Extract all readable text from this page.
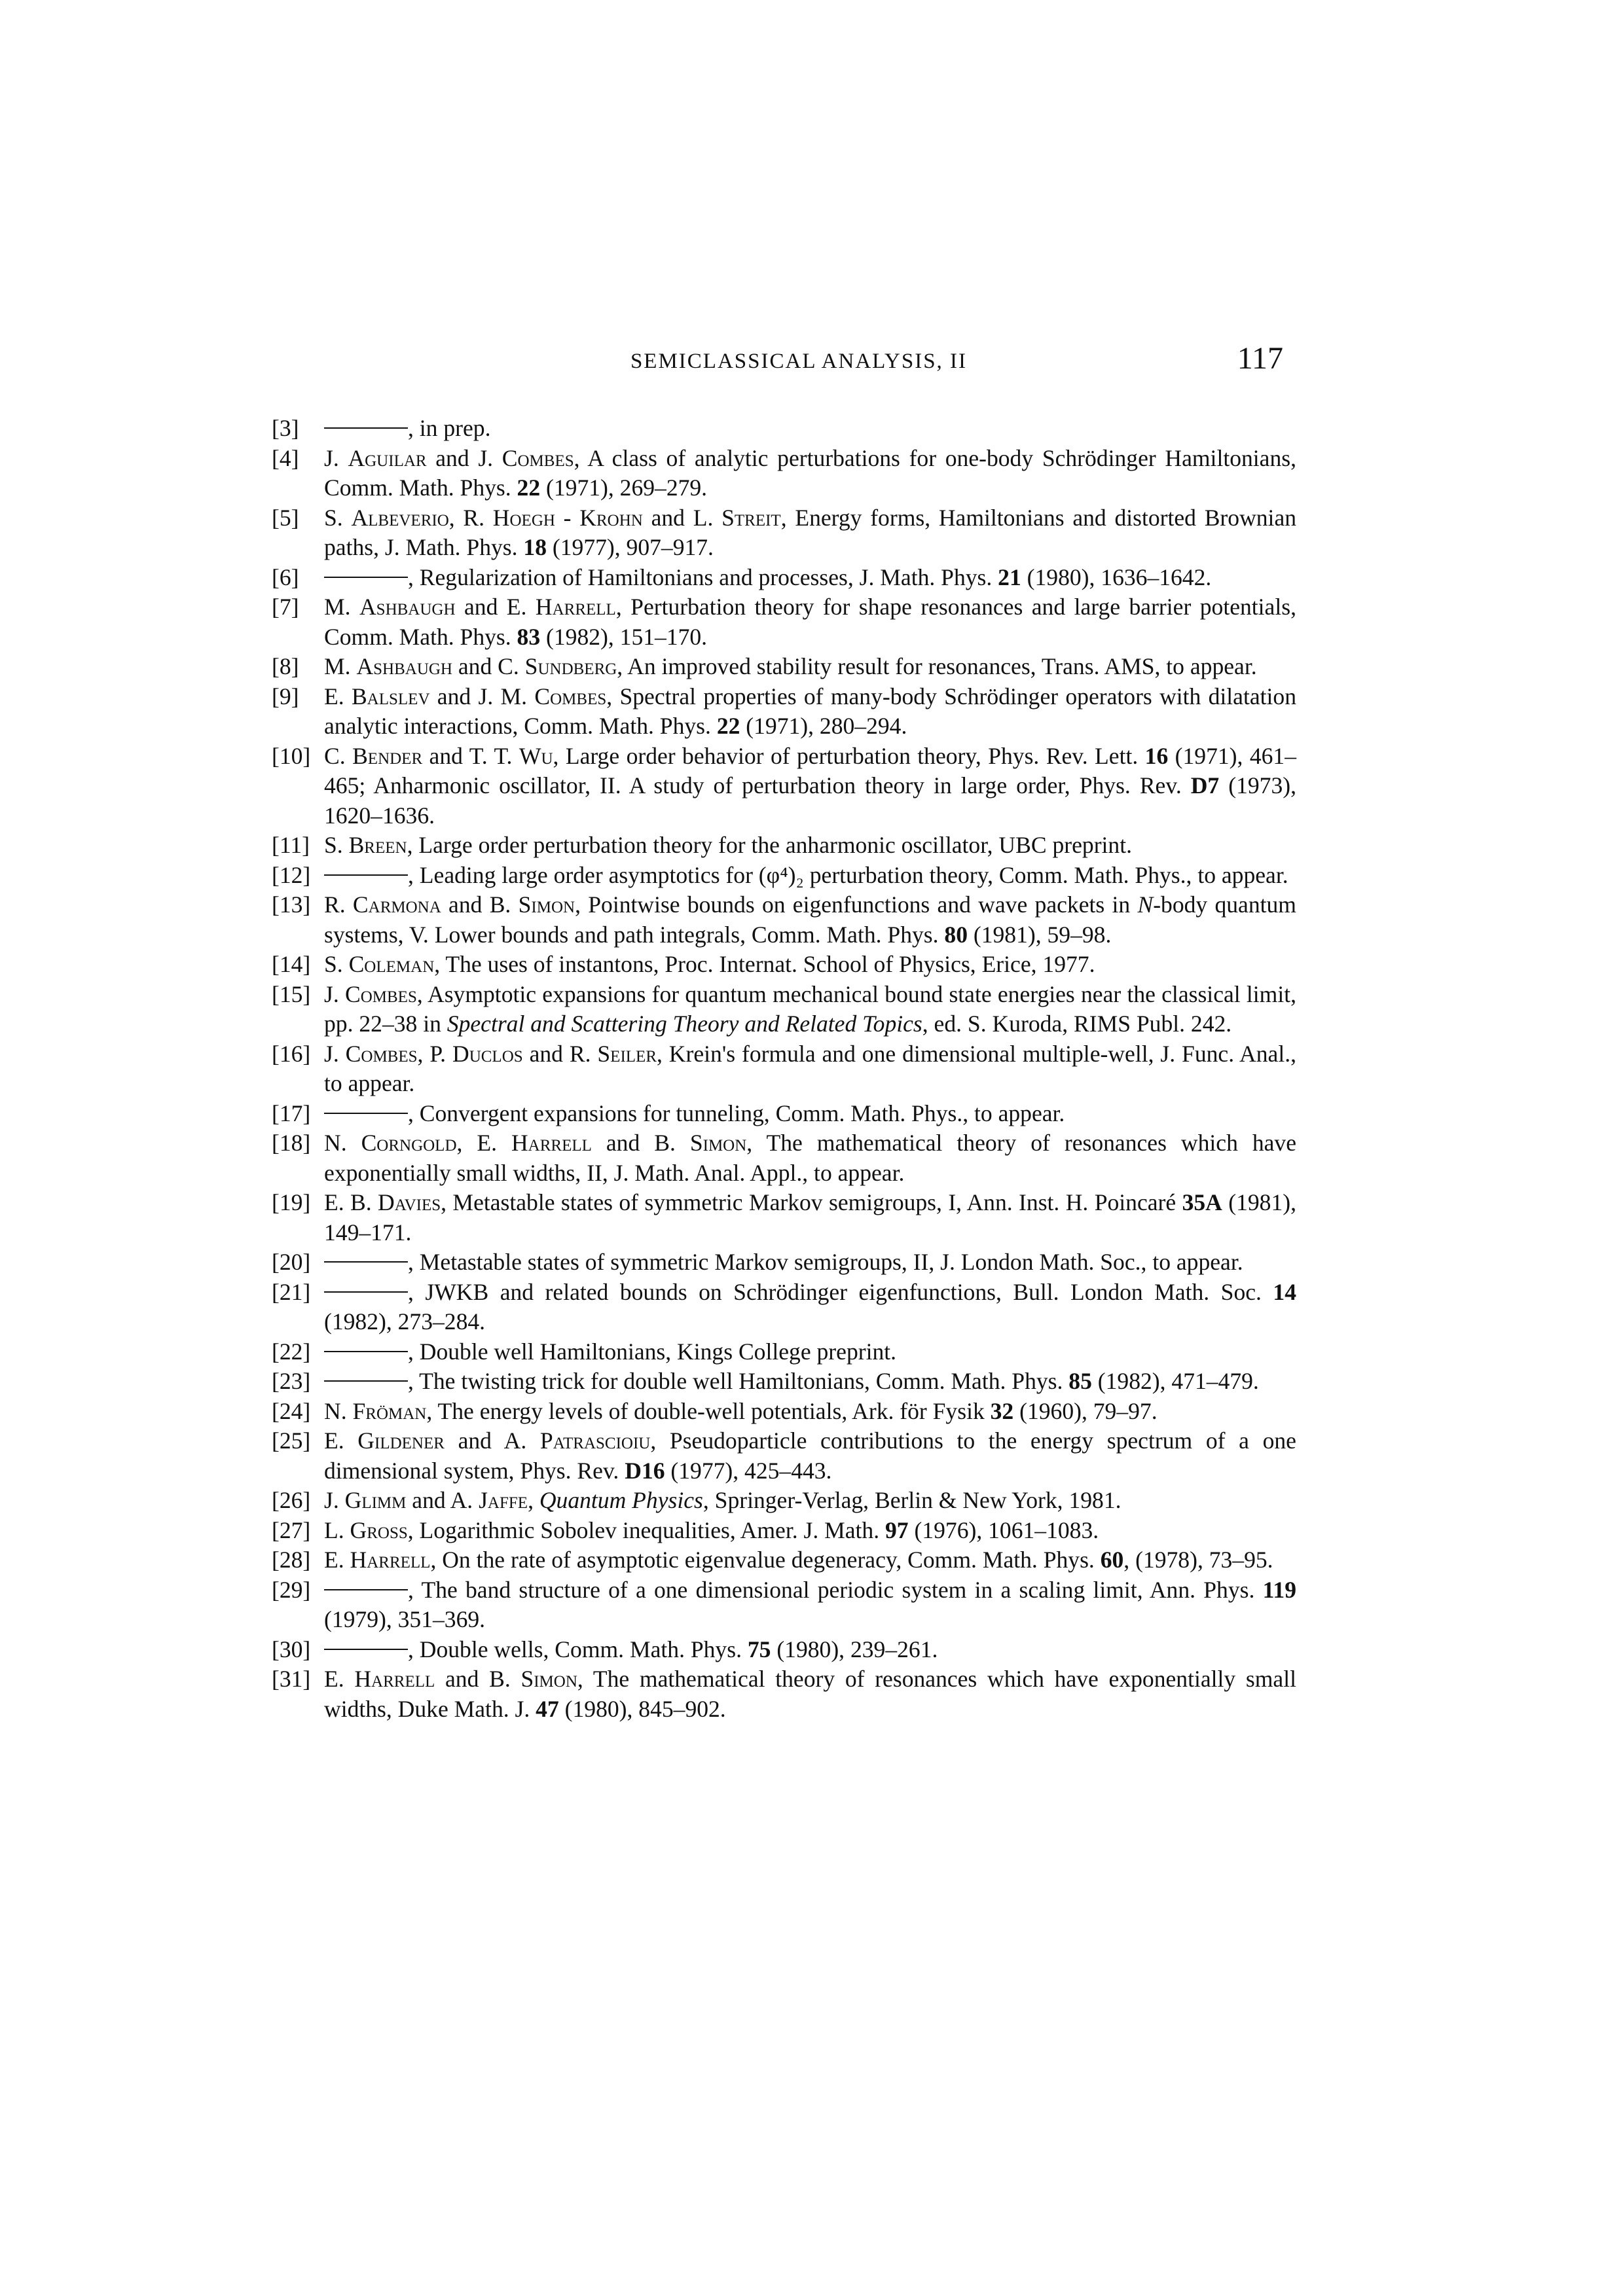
SEMICLASSICAL ANALYSIS, II	117
[3]	, in prep.
[4]	J. Aguilar and J. Combes, A class of analytic perturbations for one-body Schrödinger Hamiltonians, Comm. Math. Phys. 22 (1971), 269–279.
[5]	S. Albeverio, R. Hoegh - Krohn and L. Streit, Energy forms, Hamiltonians and distorted Brownian paths, J. Math. Phys. 18 (1977), 907–917.
[6]	, Regularization of Hamiltonians and processes, J. Math. Phys. 21 (1980), 1636–1642.
[7]	M. Ashbaugh and E. Harrell, Perturbation theory for shape resonances and large barrier potentials, Comm. Math. Phys. 83 (1982), 151–170.
[8]	M. Ashbaugh and C. Sundberg, An improved stability result for resonances, Trans. AMS, to appear.
[9]	E. Balslev and J. M. Combes, Spectral properties of many-body Schrödinger operators with dilatation analytic interactions, Comm. Math. Phys. 22 (1971), 280–294.
[10] C. Bender and T. T. Wu, Large order behavior of perturbation theory, Phys. Rev. Lett. 16 (1971), 461–465; Anharmonic oscillator, II. A study of perturbation theory in large order, Phys. Rev. D7 (1973), 1620–1636.
[11] S. Breen, Large order perturbation theory for the anharmonic oscillator, UBC preprint.
[12]	, Leading large order asymptotics for (φ⁴)₂ perturbation theory, Comm. Math. Phys., to appear.
[13] R. Carmona and B. Simon, Pointwise bounds on eigenfunctions and wave packets in N-body quantum systems, V. Lower bounds and path integrals, Comm. Math. Phys. 80 (1981), 59–98.
[14] S. Coleman, The uses of instantons, Proc. Internat. School of Physics, Erice, 1977.
[15] J. Combes, Asymptotic expansions for quantum mechanical bound state energies near the classical limit, pp. 22–38 in Spectral and Scattering Theory and Related Topics, ed. S. Kuroda, RIMS Publ. 242.
[16] J. Combes, P. Duclos and R. Seiler, Krein's formula and one dimensional multiple-well, J. Func. Anal., to appear.
[17]	, Convergent expansions for tunneling, Comm. Math. Phys., to appear.
[18] N. Corngold, E. Harrell and B. Simon, The mathematical theory of resonances which have exponentially small widths, II, J. Math. Anal. Appl., to appear.
[19] E. B. Davies, Metastable states of symmetric Markov semigroups, I, Ann. Inst. H. Poincaré 35A (1981), 149–171.
[20]	, Metastable states of symmetric Markov semigroups, II, J. London Math. Soc., to appear.
[21]	, JWKB and related bounds on Schrödinger eigenfunctions, Bull. London Math. Soc. 14 (1982), 273–284.
[22]	, Double well Hamiltonians, Kings College preprint.
[23]	, The twisting trick for double well Hamiltonians, Comm. Math. Phys. 85 (1982), 471–479.
[24] N. Fröman, The energy levels of double-well potentials, Ark. för Fysik 32 (1960), 79–97.
[25] E. Gildener and A. Patrascioiu, Pseudoparticle contributions to the energy spectrum of a one dimensional system, Phys. Rev. D16 (1977), 425–443.
[26] J. Glimm and A. Jaffe, Quantum Physics, Springer-Verlag, Berlin & New York, 1981.
[27] L. Gross, Logarithmic Sobolev inequalities, Amer. J. Math. 97 (1976), 1061–1083.
[28] E. Harrell, On the rate of asymptotic eigenvalue degeneracy, Comm. Math. Phys. 60, (1978), 73–95.
[29]	, The band structure of a one dimensional periodic system in a scaling limit, Ann. Phys. 119 (1979), 351–369.
[30]	, Double wells, Comm. Math. Phys. 75 (1980), 239–261.
[31] E. Harrell and B. Simon, The mathematical theory of resonances which have exponentially small widths, Duke Math. J. 47 (1980), 845–902.
